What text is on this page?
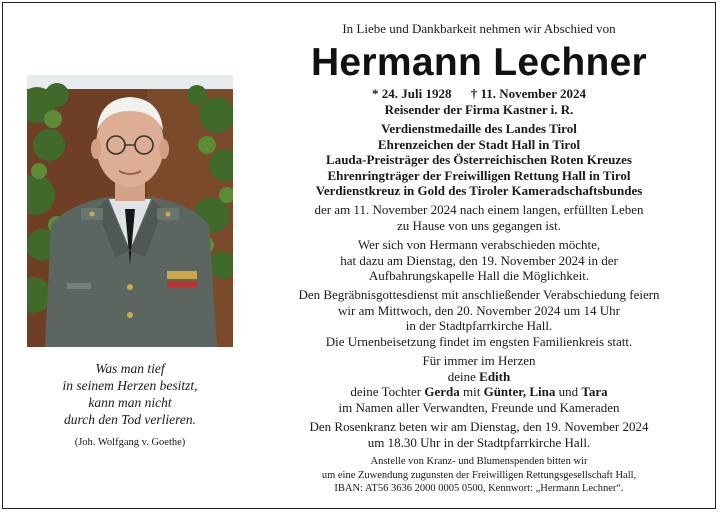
Was man tief
in seinem Herzen besitzt,
kann man nicht
durch den Tod verlieren.
(Joh. Wolfgang v. Goethe)
In Liebe und Dankbarkeit nehmen wir Abschied von
Hermann Lechner
* 24. Juli 1928 † 11. November 2024
Reisender der Firma Kastner i. R.
Verdienstmedaille des Landes Tirol
Ehrenzeichen der Stadt Hall in Tirol
Lauda-Preisträger des Österreichischen Roten Kreuzes
Ehrenringträger der Freiwilligen Rettung Hall in Tirol
Verdienstkreuz in Gold des Tiroler Kameradschaftsbundes
der am 11. November 2024 nach einem langen, erfüllten Leben
zu Hause von uns gegangen ist.
Wer sich von Hermann verabschieden möchte,
hat dazu am Dienstag, den 19. November 2024 in der
Aufbahrungskapelle Hall die Möglichkeit.
Den Begräbnisgottesdienst mit anschließender Verabschiedung feiern
wir am Mittwoch, den 20. November 2024 um 14 Uhr
in der Stadtpfarrkirche Hall.
Die Urnenbeisetzung findet im engsten Familienkreis statt.
Für immer im Herzen
deine Edith
deine Tochter Gerda mit Günter, Lina und Tara
im Namen aller Verwandten, Freunde und Kameraden
Den Rosenkranz beten wir am Dienstag, den 19. November 2024
um 18.30 Uhr in der Stadtpfarrkirche Hall.
Anstelle von Kranz- und Blumenspenden bitten wir
um eine Zuwendung zugunsten der Freiwilligen Rettungsgesellschaft Hall,
IBAN: AT56 3636 2000 0005 0500, Kennwort: „Hermann Lechner“.
